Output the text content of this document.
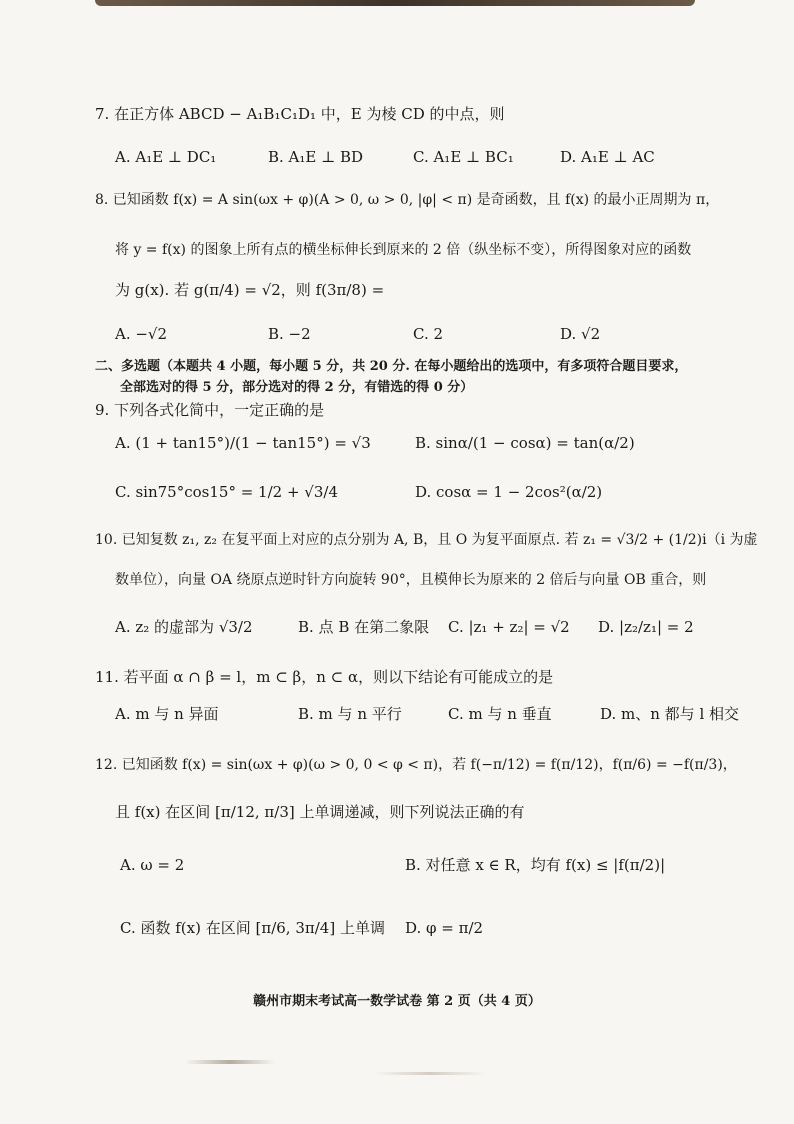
7. 在正方体 ABCD − A₁B₁C₁D₁ 中，E 为棱 CD 的中点，则
A. A₁E ⊥ DC₁	B. A₁E ⊥ BD	C. A₁E ⊥ BC₁	D. A₁E ⊥ AC
8. 已知函数 f(x) = A sin(ωx + φ)(A > 0, ω > 0, |φ| < π) 是奇函数，且 f(x) 的最小正周期为 π，
将 y = f(x) 的图象上所有点的横坐标伸长到原来的 2 倍（纵坐标不变），所得图象对应的函数
为 g(x). 若 g(π/4) = √2，则 f(3π/8) =
A. −√2	B. −2	C. 2	D. √2
二、多选题（本题共 4 小题，每小题 5 分，共 20 分. 在每小题给出的选项中，有多项符合题目要求，
全部选对的得 5 分，部分选对的得 2 分，有错选的得 0 分）
9. 下列各式化简中，一定正确的是
A. (1 + tan15°)/(1 − tan15°) = √3	B. sinα/(1 − cosα) = tan(α/2)
C. sin75°cos15° = 1/2 + √3/4	D. cosα = 1 − 2cos²(α/2)
10. 已知复数 z₁, z₂ 在复平面上对应的点分别为 A, B，且 O 为复平面原点. 若 z₁ = √3/2 + (1/2)i（i 为虚
数单位），向量 OA 绕原点逆时针方向旋转 90°，且模伸长为原来的 2 倍后与向量 OB 重合，则
A. z₂ 的虚部为 √3/2	B. 点 B 在第二象限 C. |z₁ + z₂| = √2 D. |z₂/z₁| = 2
11. 若平面 α ∩ β = l，m ⊂ β，n ⊂ α，则以下结论有可能成立的是
A. m 与 n 异面	B. m 与 n 平行	C. m 与 n 垂直	D. m、n 都与 l 相交
12. 已知函数 f(x) = sin(ωx + φ)(ω > 0, 0 < φ < π)，若 f(−π/12) = f(π/12)，f(π/6) = −f(π/3)，
且 f(x) 在区间 [π/12, π/3] 上单调递减，则下列说法正确的有
A. ω = 2	B. 对任意 x ∈ R，均有 f(x) ≤ |f(π/2)|
C. 函数 f(x) 在区间 [π/6, 3π/4] 上单调 D. φ = π/2
赣州市期末考试高一数学试卷 第 2 页（共 4 页）
